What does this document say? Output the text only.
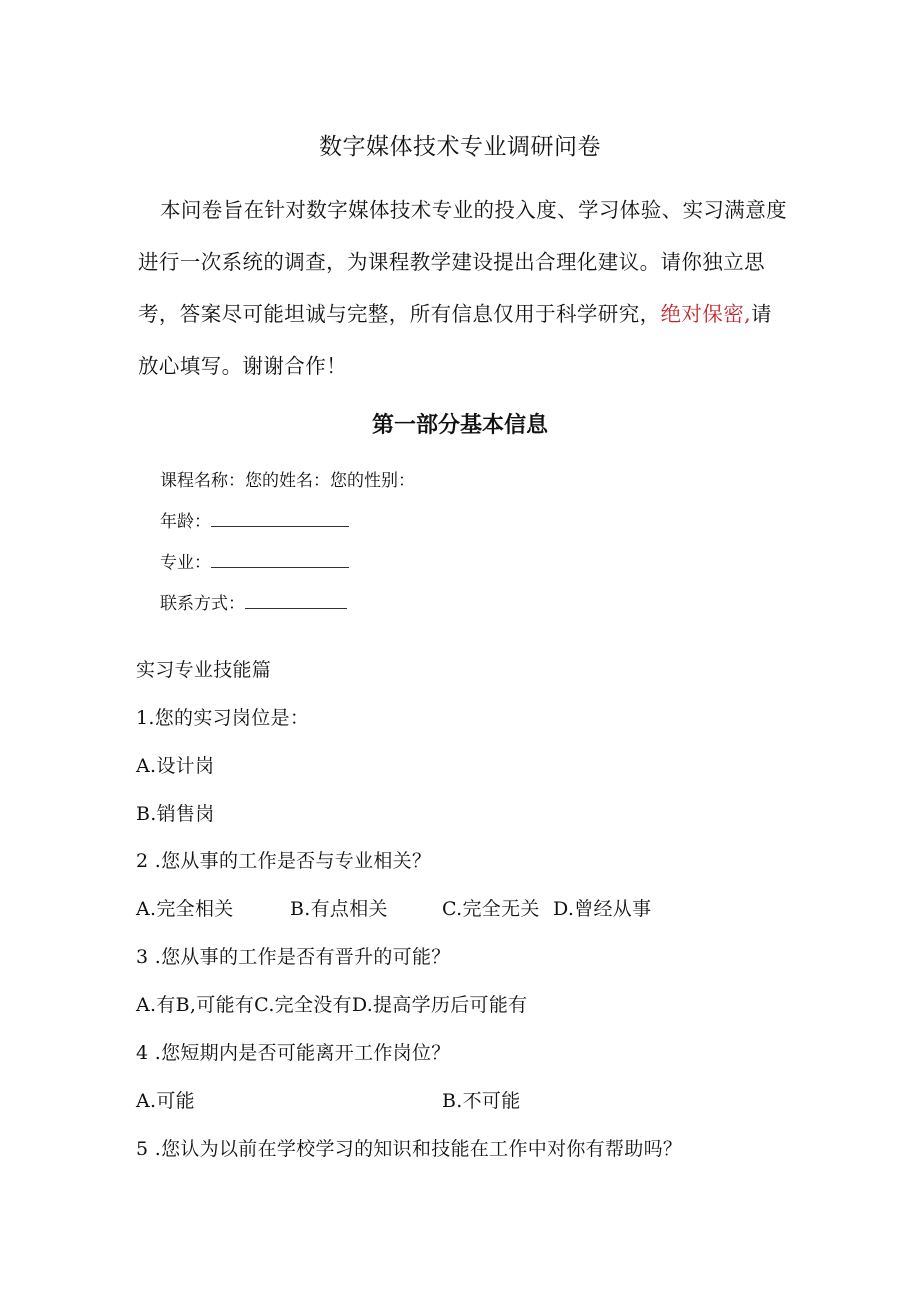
数字媒体技术专业调研问卷
本问卷旨在针对数字媒体技术专业的投入度、学习体验、实习满意度进行一次系统的调查，为课程教学建设提出合理化建议。请你独立思考，答案尽可能坦诚与完整，所有信息仅用于科学研究，绝对保密,请放心填写。谢谢合作！
第一部分基本信息
课程名称：您的姓名：您的性别：
年龄：
专业：
联系方式：
实习专业技能篇
1.您的实习岗位是：
A.设计岗
B.销售岗
2 .您从事的工作是否与专业相关？
A.完全相关	B.有点相关	C.完全无关 D.曾经从事
3 .您从事的工作是否有晋升的可能？
A.有B,可能有C.完全没有D.提高学历后可能有
4 .您短期内是否可能离开工作岗位？
A.可能	B.不可能
5 .您认为以前在学校学习的知识和技能在工作中对你有帮助吗？
